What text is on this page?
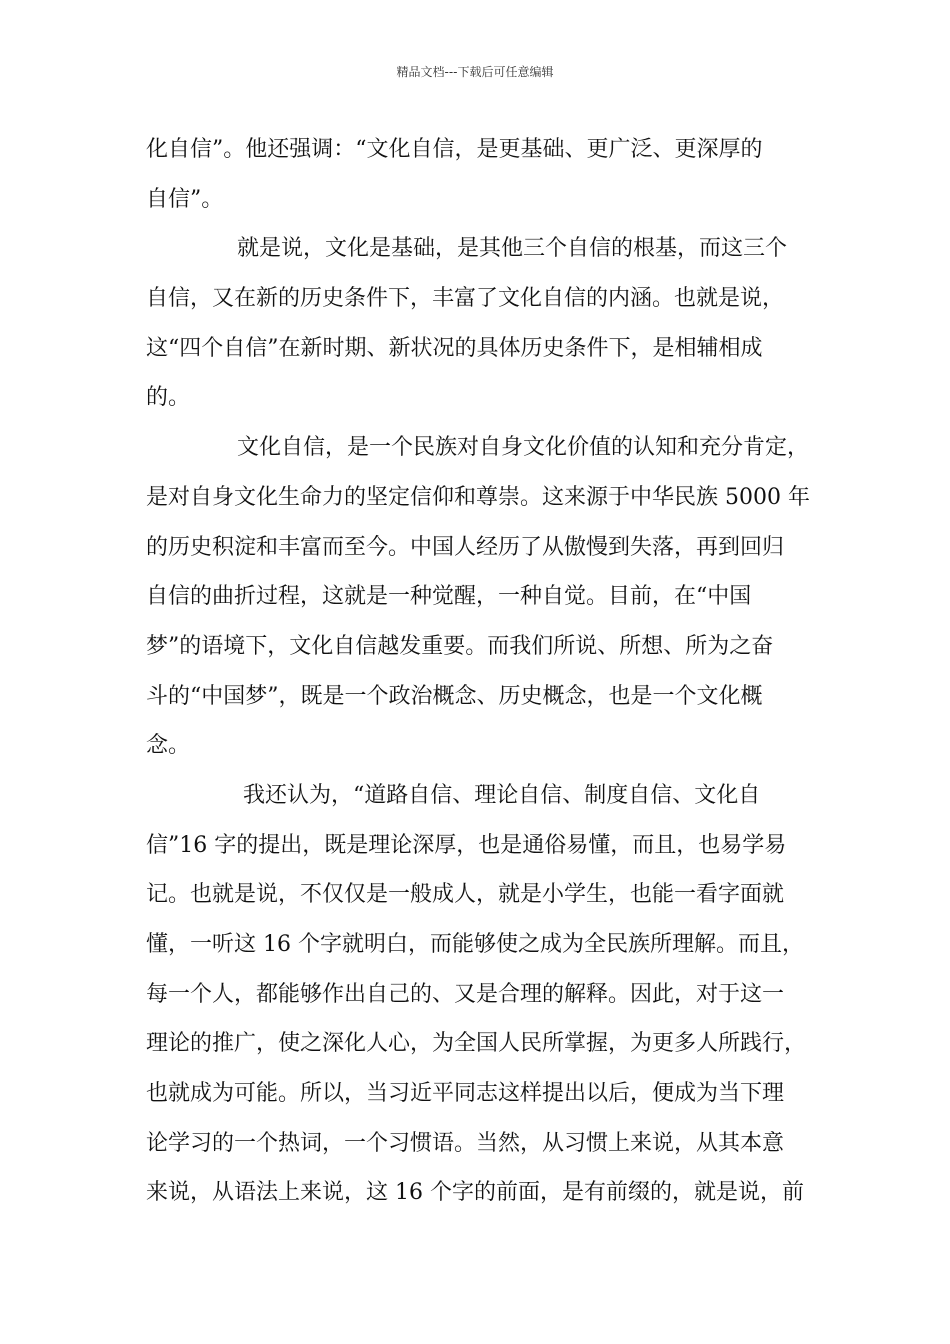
精品文档---下载后可任意编辑
化自信”。他还强调：“文化自信，是更基础、更广泛、更深厚的
自信”。
就是说，文化是基础，是其他三个自信的根基，而这三个
自信，又在新的历史条件下，丰富了文化自信的内涵。也就是说，
这“四个自信”在新时期、新状况的具体历史条件下，是相辅相成
的。
文化自信，是一个民族对自身文化价值的认知和充分肯定，
是对自身文化生命力的坚定信仰和尊崇。这来源于中华民族 5000 年
的历史积淀和丰富而至今。中国人经历了从傲慢到失落，再到回归
自信的曲折过程，这就是一种觉醒，一种自觉。目前，在“中国
梦”的语境下，文化自信越发重要。而我们所说、所想、所为之奋
斗的“中国梦”，既是一个政治概念、历史概念，也是一个文化概
念。
我还认为，“道路自信、理论自信、制度自信、文化自
信”16 字的提出，既是理论深厚，也是通俗易懂，而且，也易学易
记。也就是说，不仅仅是一般成人，就是小学生，也能一看字面就
懂，一听这 16 个字就明白，而能够使之成为全民族所理解。而且，
每一个人，都能够作出自己的、又是合理的解释。因此，对于这一
理论的推广，使之深化人心，为全国人民所掌握，为更多人所践行，
也就成为可能。所以，当习近平同志这样提出以后，便成为当下理
论学习的一个热词，一个习惯语。当然，从习惯上来说，从其本意
来说，从语法上来说，这 16 个字的前面，是有前缀的，就是说，前
